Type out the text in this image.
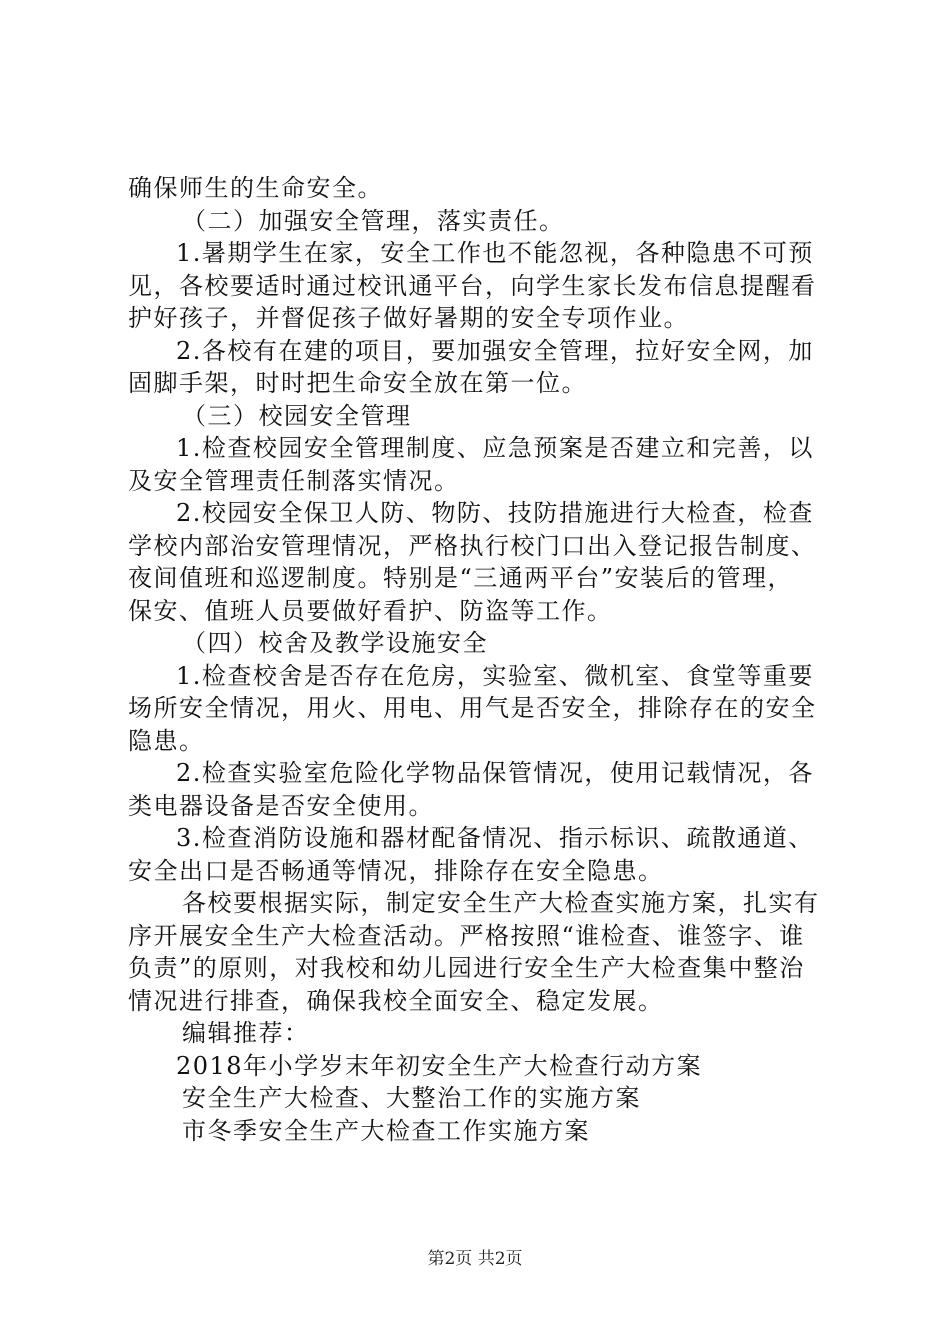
确保师生的生命安全。
（二）加强安全管理，落实责任。
1.暑期学生在家，安全工作也不能忽视，各种隐患不可预
见，各校要适时通过校讯通平台，向学生家长发布信息提醒看
护好孩子，并督促孩子做好暑期的安全专项作业。
2.各校有在建的项目，要加强安全管理，拉好安全网，加
固脚手架，时时把生命安全放在第一位。
（三）校园安全管理
1.检查校园安全管理制度、应急预案是否建立和完善，以
及安全管理责任制落实情况。
2.校园安全保卫人防、物防、技防措施进行大检查，检查
学校内部治安管理情况，严格执行校门口出入登记报告制度、
夜间值班和巡逻制度。特别是“三通两平台”安装后的管理，
保安、值班人员要做好看护、防盗等工作。
（四）校舍及教学设施安全
1.检查校舍是否存在危房，实验室、微机室、食堂等重要
场所安全情况，用火、用电、用气是否安全，排除存在的安全
隐患。
2.检查实验室危险化学物品保管情况，使用记载情况，各
类电器设备是否安全使用。
3.检查消防设施和器材配备情况、指示标识、疏散通道、
安全出口是否畅通等情况，排除存在安全隐患。
各校要根据实际，制定安全生产大检查实施方案，扎实有
序开展安全生产大检查活动。严格按照“谁检查、谁签字、谁
负责”的原则，对我校和幼儿园进行安全生产大检查集中整治
情况进行排查，确保我校全面安全、稳定发展。
编辑推荐：
2018年小学岁末年初安全生产大检查行动方案
安全生产大检查、大整治工作的实施方案
市冬季安全生产大检查工作实施方案
第2页 共2页
